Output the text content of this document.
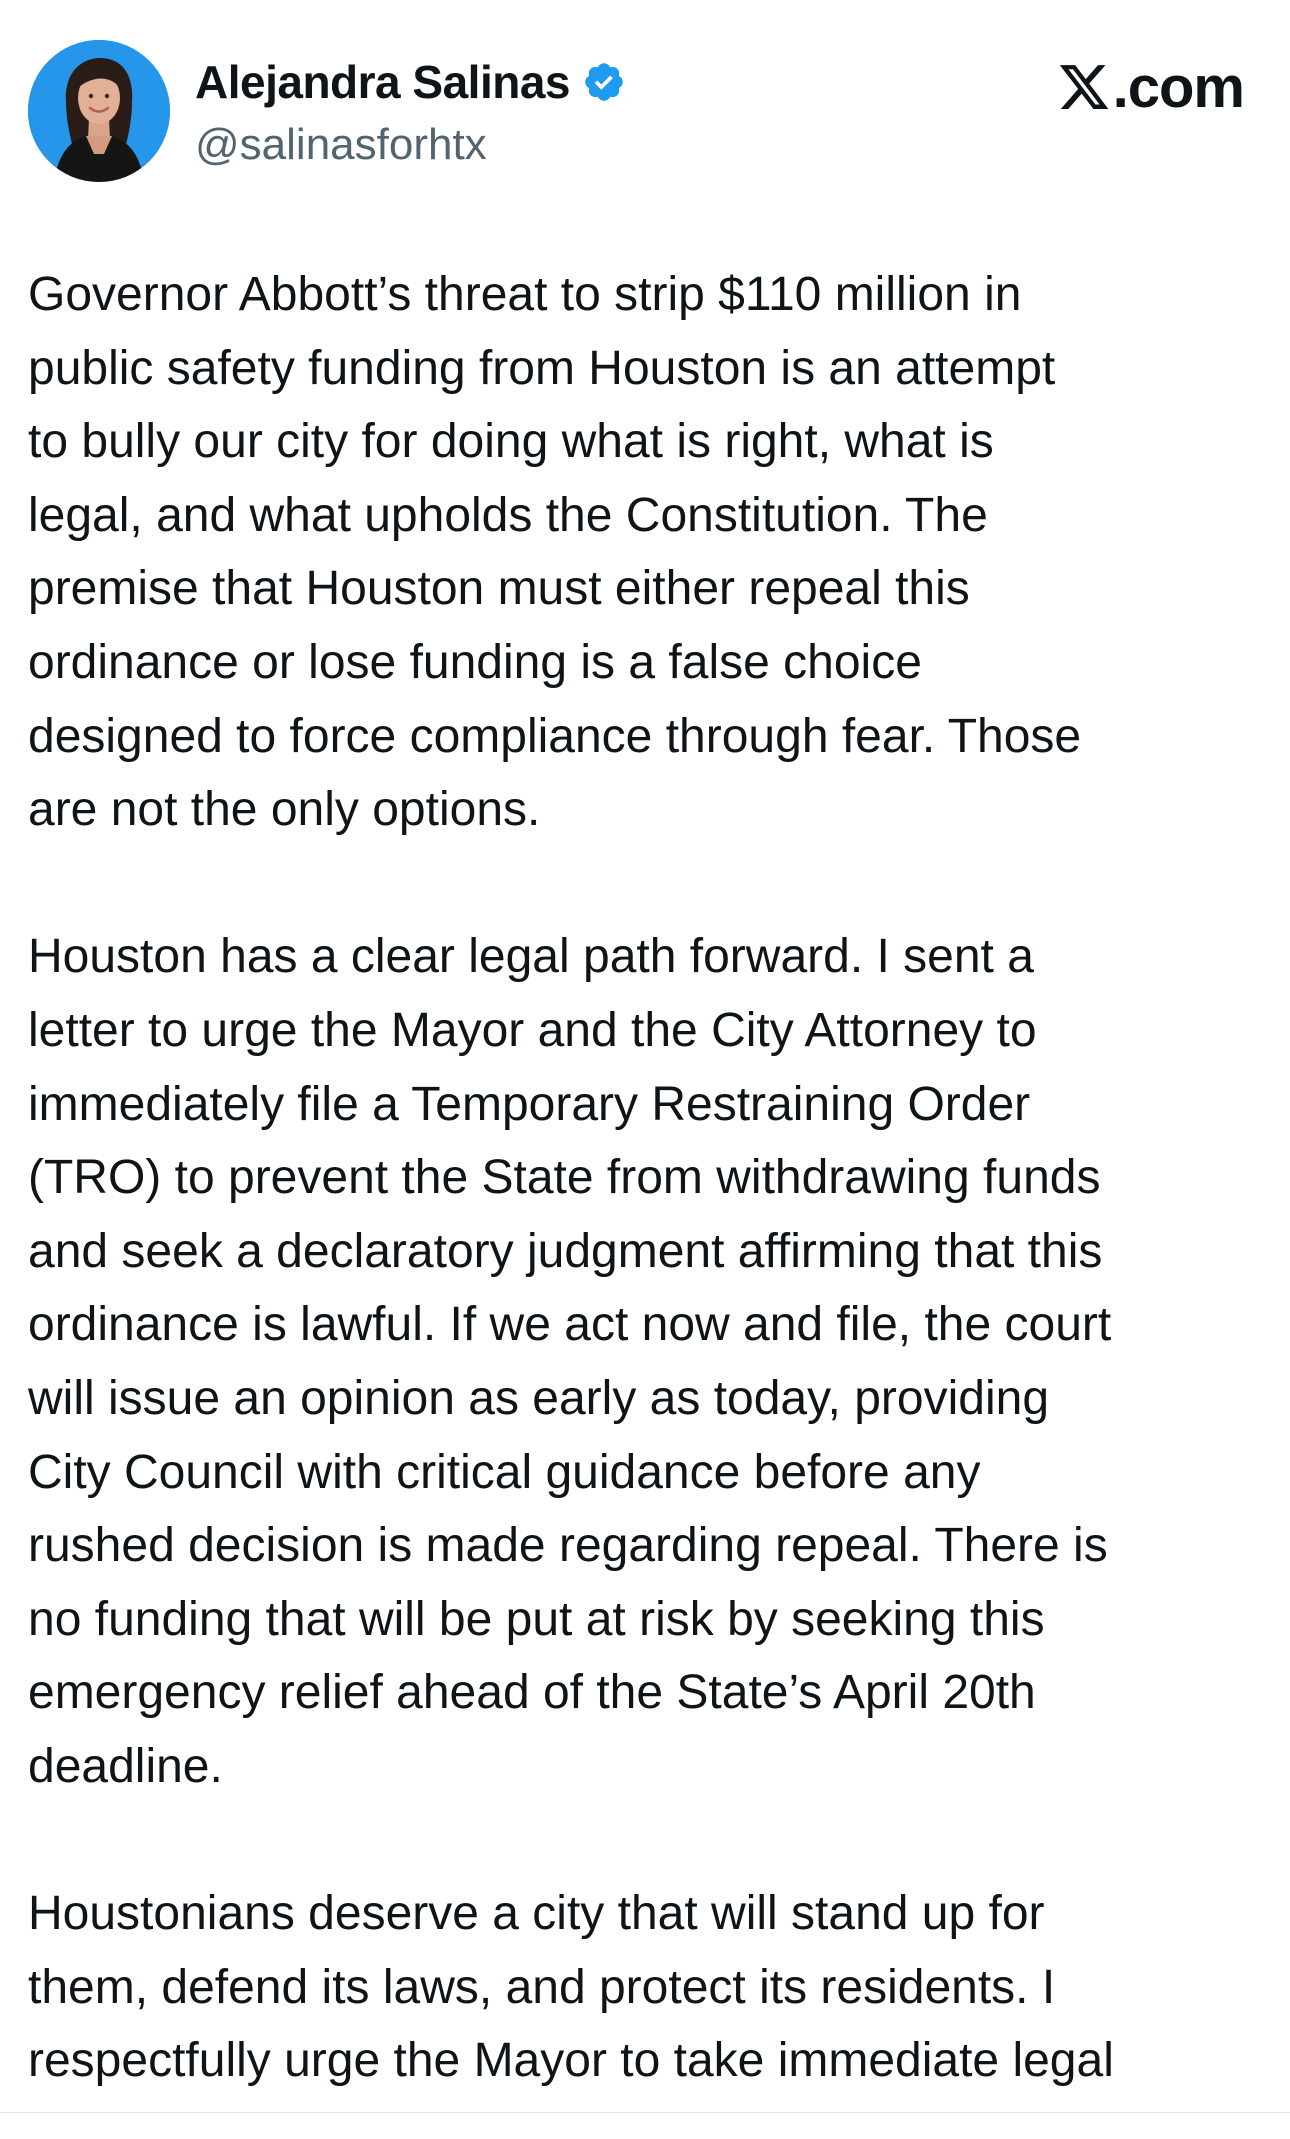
Alejandra Salinas
@salinasforhtx
.com

Governor Abbott’s threat to strip $110 million in
public safety funding from Houston is an attempt
to bully our city for doing what is right, what is
legal, and what upholds the Constitution. The
premise that Houston must either repeal this
ordinance or lose funding is a false choice
designed to force compliance through fear. Those
are not the only options.

Houston has a clear legal path forward. I sent a
letter to urge the Mayor and the City Attorney to
immediately file a Temporary Restraining Order
(TRO) to prevent the State from withdrawing funds
and seek a declaratory judgment affirming that this
ordinance is lawful. If we act now and file, the court
will issue an opinion as early as today, providing
City Council with critical guidance before any
rushed decision is made regarding repeal. There is
no funding that will be put at risk by seeking this
emergency relief ahead of the State’s April 20th
deadline.

Houstonians deserve a city that will stand up for
them, defend its laws, and protect its residents. I
respectfully urge the Mayor to take immediate legal
